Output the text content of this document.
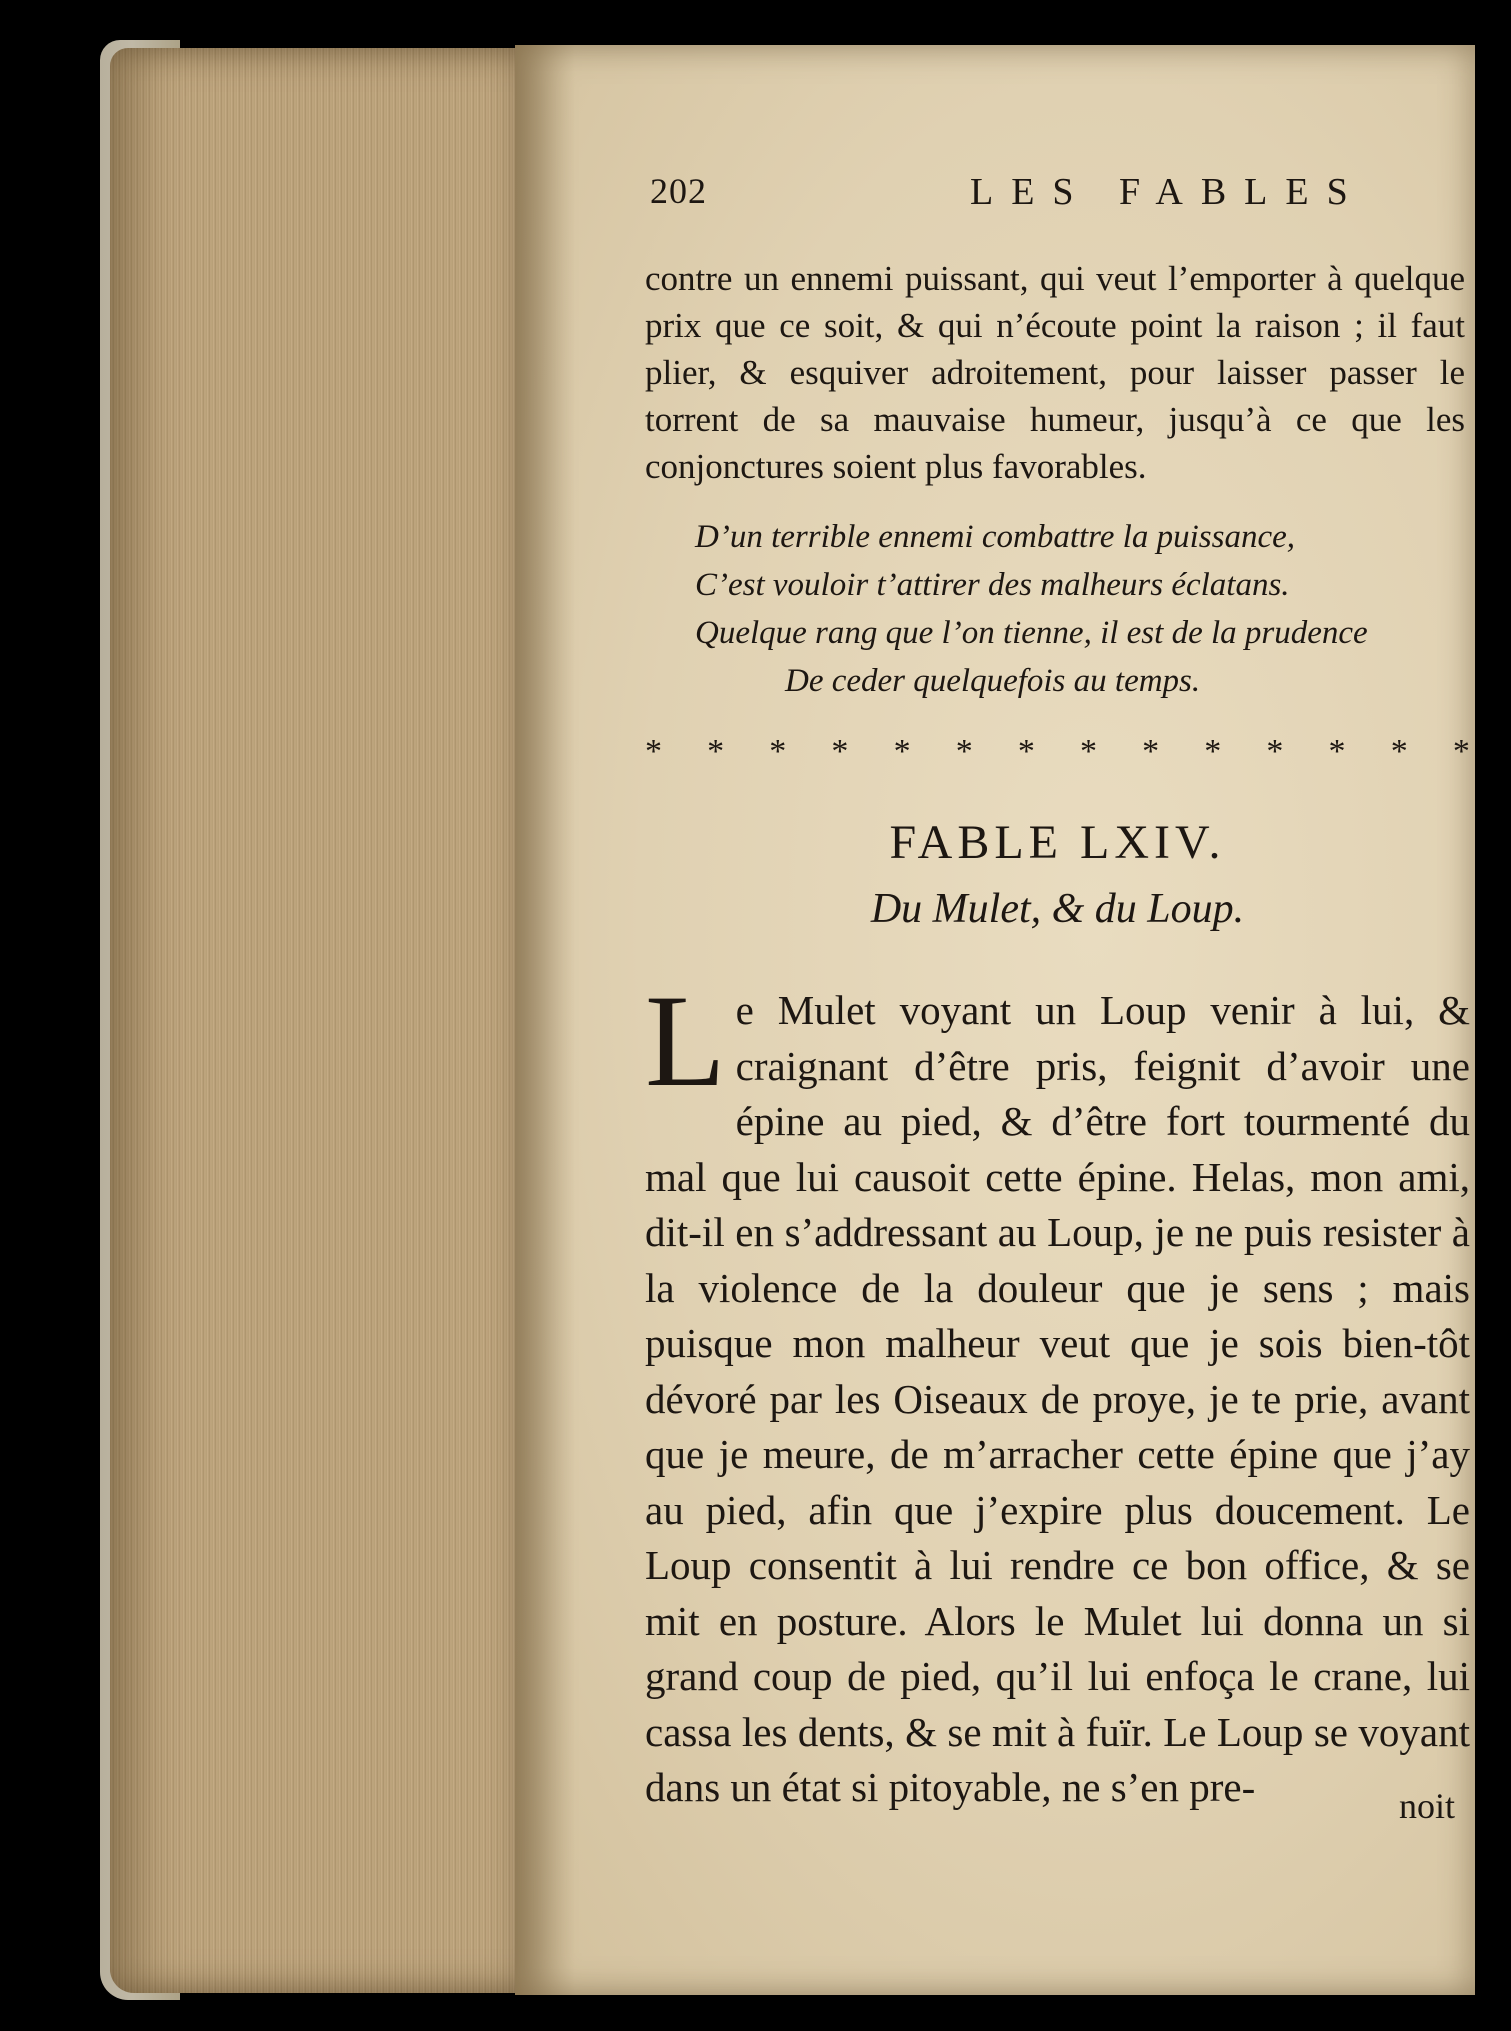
202	LES FABLES
contre un ennemi puissant, qui veut l’emporter à quelque prix que ce soit, & qui n’écoute point la raison ; il faut plier, & esquiver adroitement, pour laisser passer le torrent de sa mauvaise humeur, jusqu’à ce que les conjonctures soient plus favorables.
D’un terrible ennemi combattre la puissance,
C’est vouloir t’attirer des malheurs éclatans.
Quelque rang que l’on tienne, il est de la prudence
De ceder quelquefois au temps.
* * * * * * * * * * * * * *
FABLE LXIV.
Du Mulet, & du Loup.
L e Mulet voyant un Loup venir à lui, & craignant d’être pris, feignit d’avoir une épine au pied, & d’être fort tourmenté du mal que lui causoit cette épine. Helas, mon ami, dit-il en s’addressant au Loup, je ne puis resister à la violence de la douleur que je sens ; mais puisque mon malheur veut que je sois bien-tôt dévoré par les Oiseaux de proye, je te prie, avant que je meure, de m’arracher cette épine que j’ay au pied, afin que j’expire plus doucement. Le Loup consentit à lui rendre ce bon office, & se mit en posture. Alors le Mulet lui donna un si grand coup de pied, qu’il lui enfoça le crane, lui cassa les dents, & se mit à fuïr. Le Loup se voyant dans un état si pitoyable, ne s’en pre-	noit
